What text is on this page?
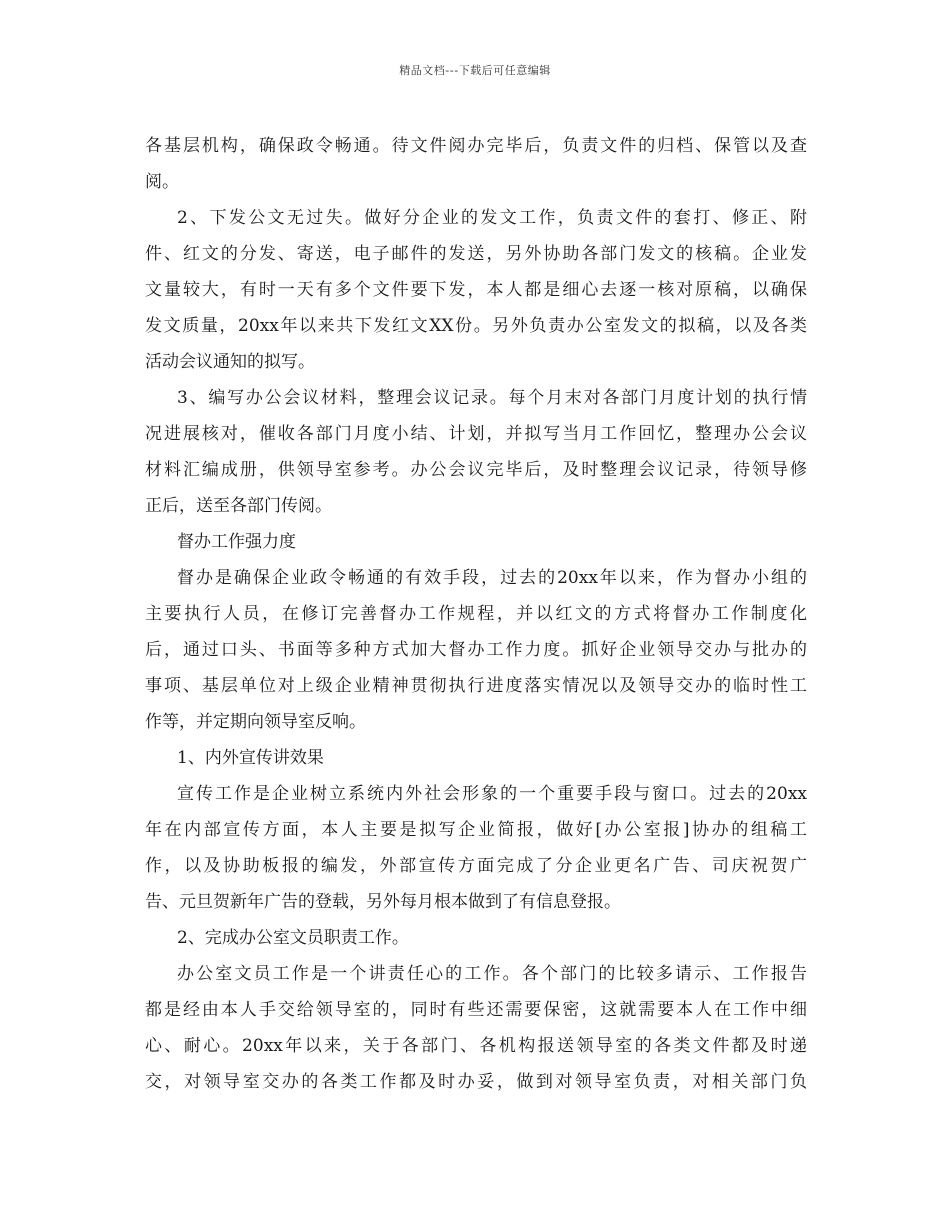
精品文档---下载后可任意编辑
各基层机构，确保政令畅通。待文件阅办完毕后，负责文件的归档、保管以及查
阅。
2、下发公文无过失。做好分企业的发文工作，负责文件的套打、修正、附
件、红文的分发、寄送，电子邮件的发送，另外协助各部门发文的核稿。企业发
文量较大，有时一天有多个文件要下发，本人都是细心去逐一核对原稿，以确保
发文质量，20xx年以来共下发红文XX份。另外负责办公室发文的拟稿，以及各类
活动会议通知的拟写。
3、编写办公会议材料，整理会议记录。每个月末对各部门月度计划的执行情
况进展核对，催收各部门月度小结、计划，并拟写当月工作回忆，整理办公会议
材料汇编成册，供领导室参考。办公会议完毕后，及时整理会议记录，待领导修
正后，送至各部门传阅。
督办工作强力度
督办是确保企业政令畅通的有效手段，过去的20xx年以来，作为督办小组的
主要执行人员，在修订完善督办工作规程，并以红文的方式将督办工作制度化
后，通过口头、书面等多种方式加大督办工作力度。抓好企业领导交办与批办的
事项、基层单位对上级企业精神贯彻执行进度落实情况以及领导交办的临时性工
作等，并定期向领导室反响。
1、内外宣传讲效果
宣传工作是企业树立系统内外社会形象的一个重要手段与窗口。过去的20xx
年在内部宣传方面，本人主要是拟写企业简报，做好[办公室报]协办的组稿工
作，以及协助板报的编发，外部宣传方面完成了分企业更名广告、司庆祝贺广
告、元旦贺新年广告的登载，另外每月根本做到了有信息登报。
2、完成办公室文员职责工作。
办公室文员工作是一个讲责任心的工作。各个部门的比较多请示、工作报告
都是经由本人手交给领导室的，同时有些还需要保密，这就需要本人在工作中细
心、耐心。20xx年以来，关于各部门、各机构报送领导室的各类文件都及时递
交，对领导室交办的各类工作都及时办妥，做到对领导室负责，对相关部门负
